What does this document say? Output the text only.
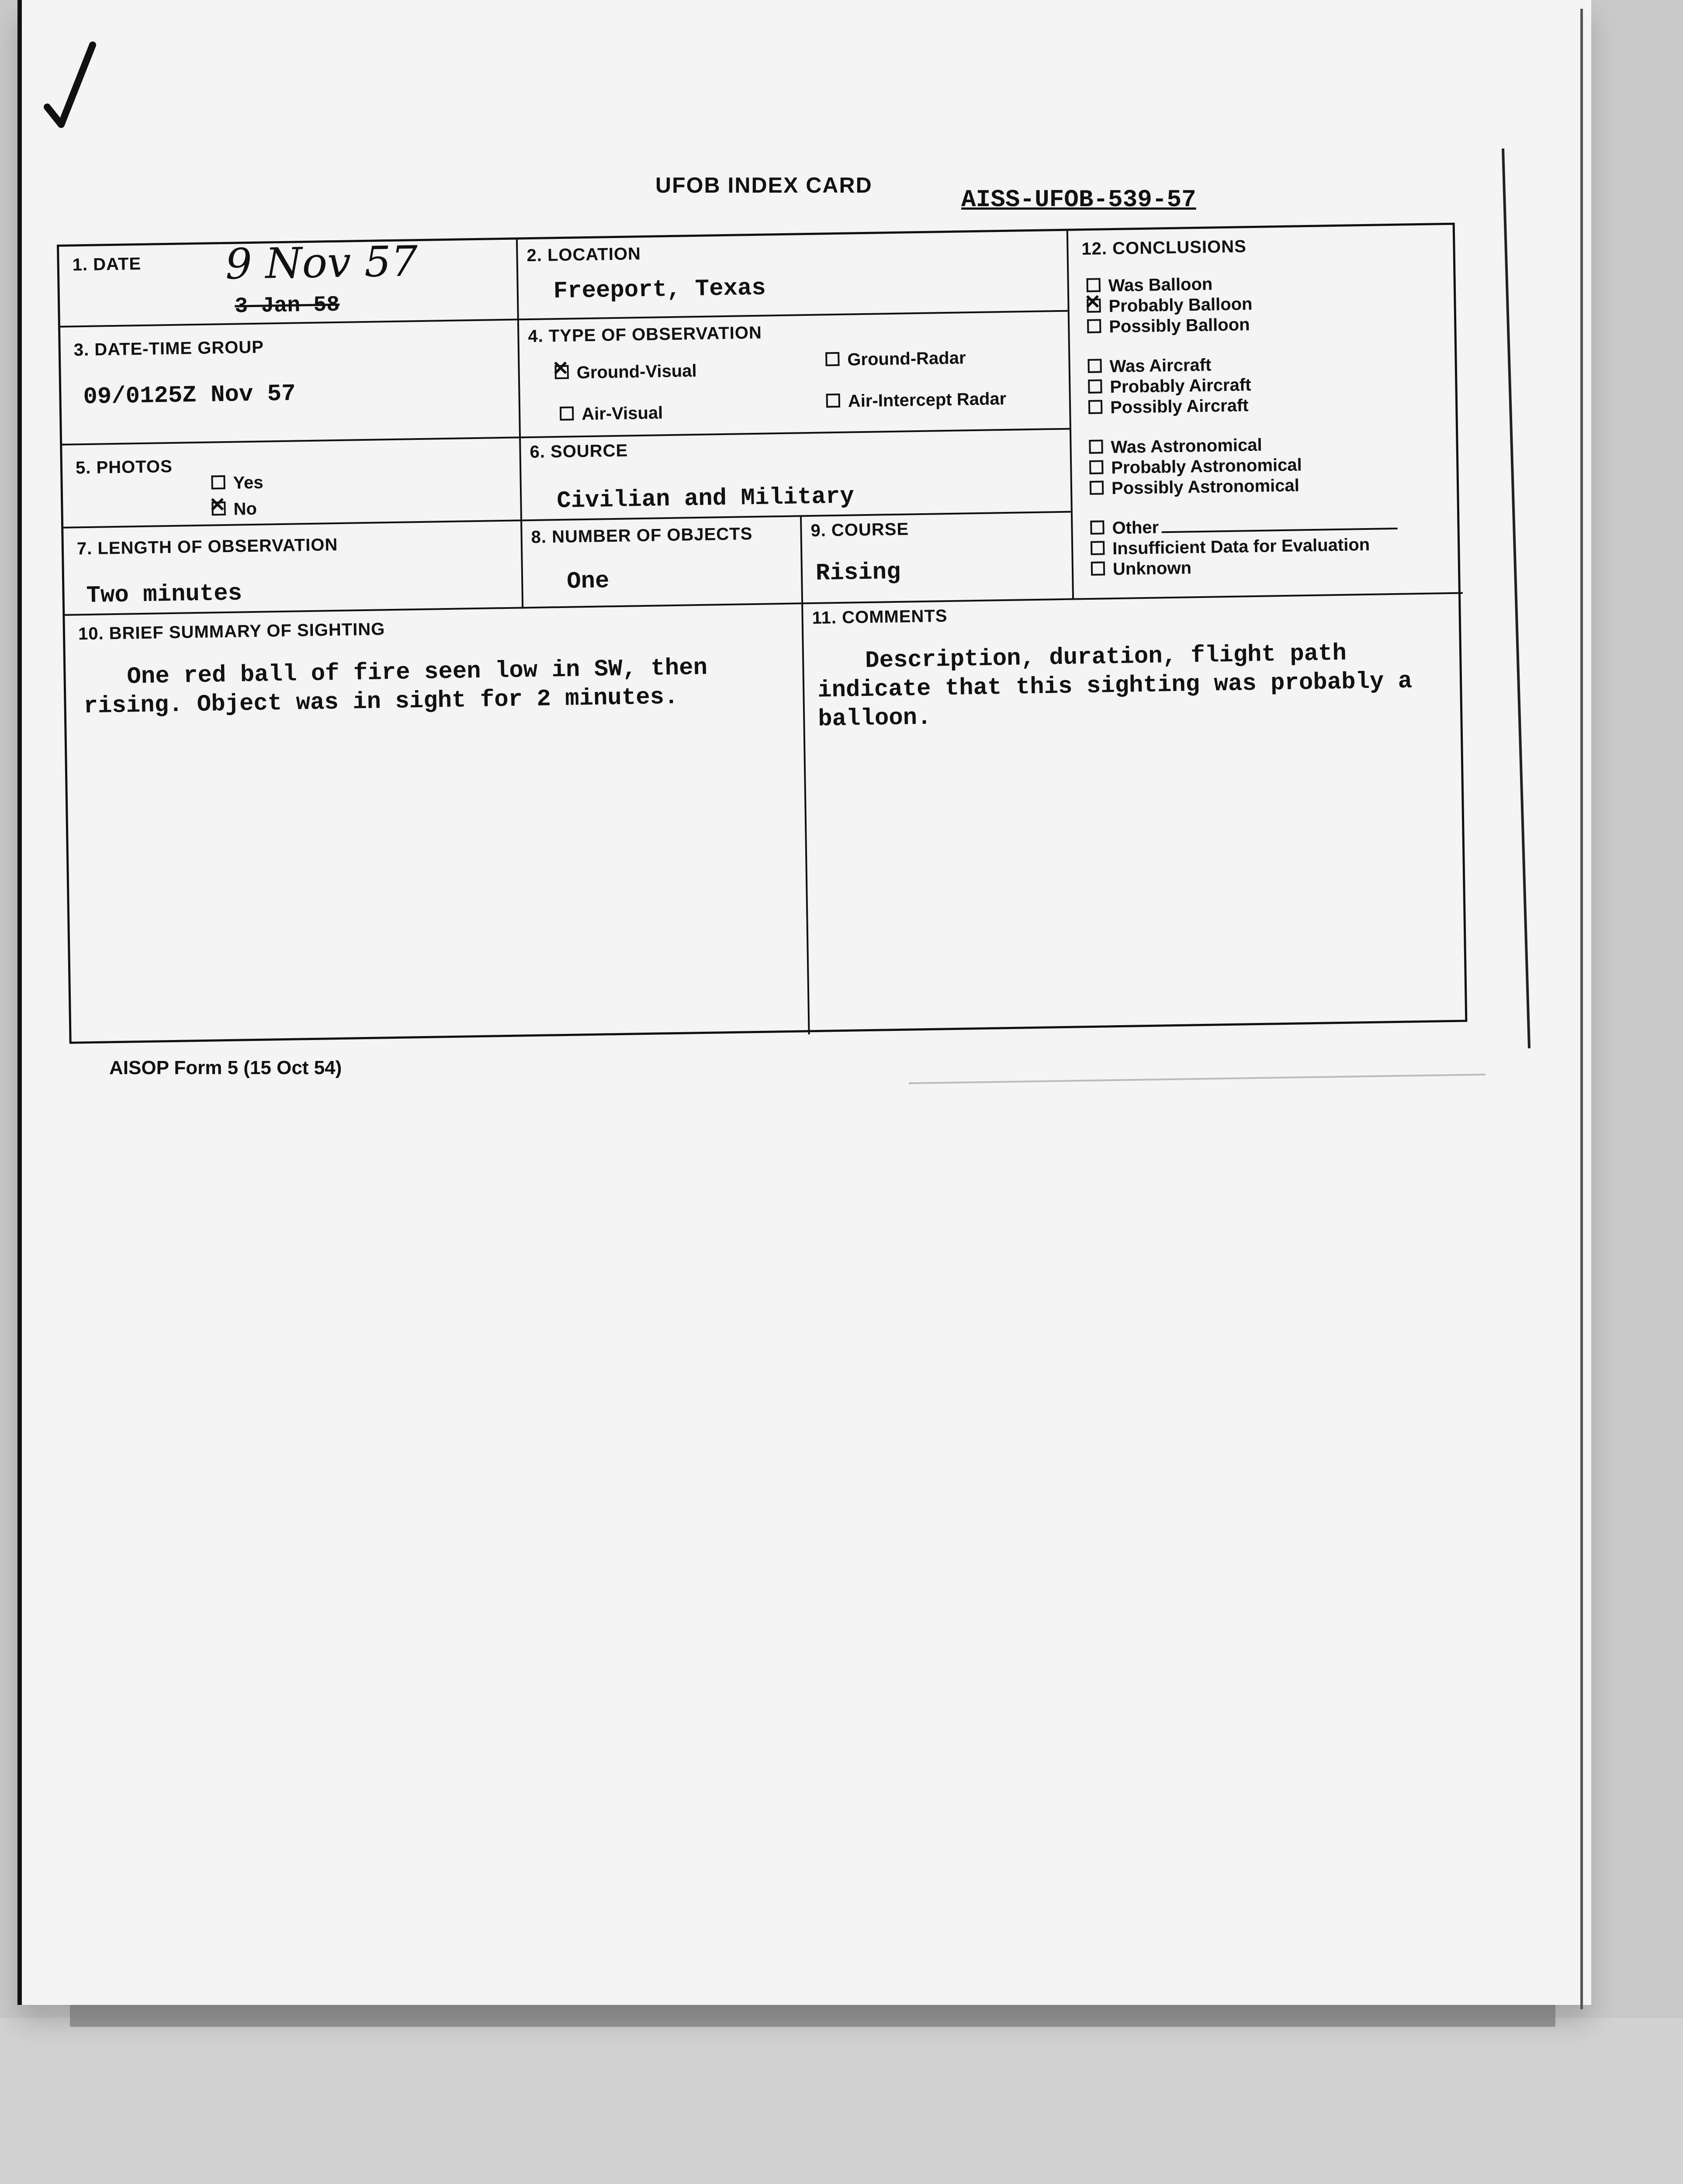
UFOB INDEX CARD
AISS-UFOB-539-57
1. DATE 9 Nov 57
3 Jan 58
2. LOCATION
Freeport, Texas
3. DATE-TIME GROUP
09/0125Z Nov 57
4. TYPE OF OBSERVATION
✕Ground-Visual
Ground-Radar
Air-Visual
Air-Intercept Radar
5. PHOTOS
Yes
✕No
6. SOURCE
Civilian and Military
7. LENGTH OF OBSERVATION
Two minutes
8. NUMBER OF OBJECTS
One
9. COURSE
Rising
10. BRIEF SUMMARY OF SIGHTING
One red ball of fire seen low in SW, then rising. Object was in sight for 2 minutes.
11. COMMENTS
Description, duration, flight path indicate that this sighting was probably a balloon.
12. CONCLUSIONS
Was Balloon
✕Probably Balloon
Possibly Balloon
Was Aircraft
Probably Aircraft
Possibly Aircraft
Was Astronomical
Probably Astronomical
Possibly Astronomical
Other
Insufficient Data for Evaluation
Unknown
AISOP Form 5 (15 Oct 54)
